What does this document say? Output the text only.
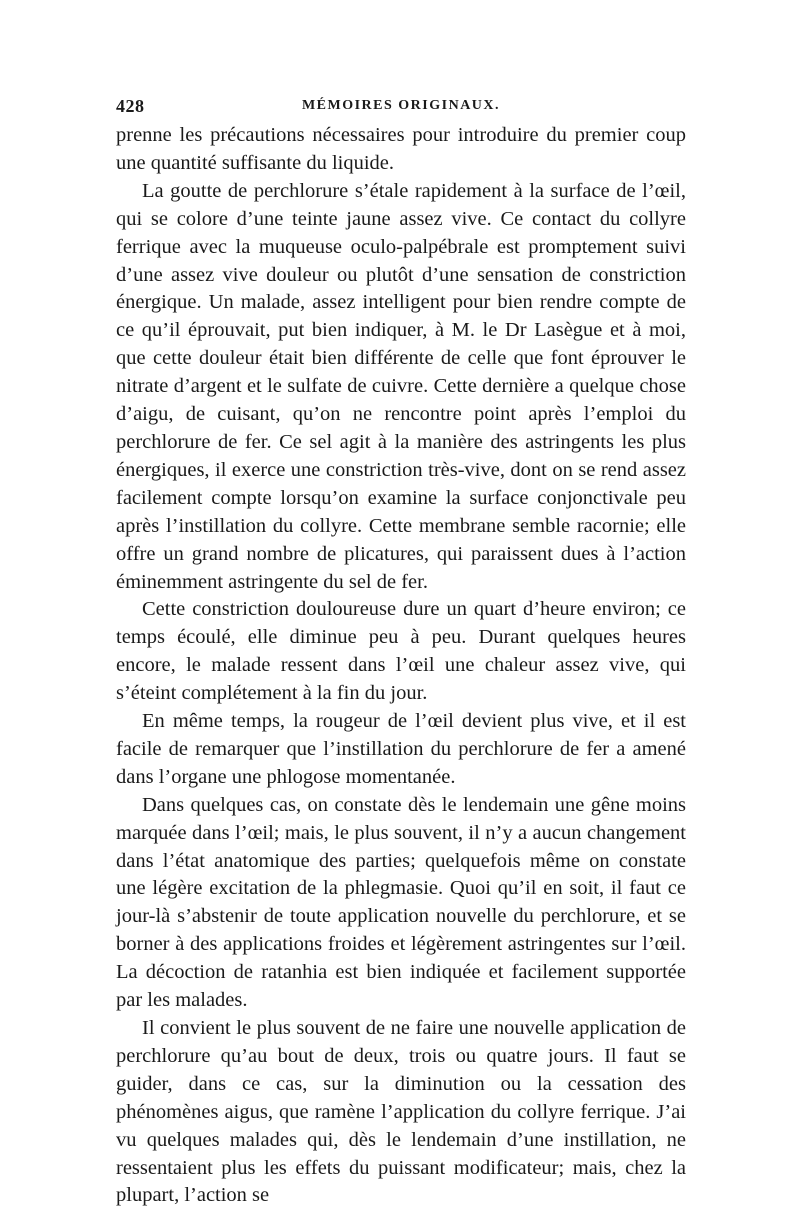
428	MÉMOIRES ORIGINAUX.

prenne les précautions nécessaires pour introduire du premier coup une quantité suffisante du liquide.

La goutte de perchlorure s’étale rapidement à la surface de l’œil, qui se colore d’une teinte jaune assez vive. Ce contact du collyre ferrique avec la muqueuse oculo-palpébrale est promptement suivi d’une assez vive douleur ou plutôt d’une sensation de constriction énergique. Un malade, assez intelligent pour bien rendre compte de ce qu’il éprouvait, put bien indiquer, à M. le Dr Lasègue et à moi, que cette douleur était bien différente de celle que font éprouver le nitrate d’argent et le sulfate de cuivre. Cette dernière a quelque chose d’aigu, de cuisant, qu’on ne rencontre point après l’emploi du perchlorure de fer. Ce sel agit à la manière des astringents les plus énergiques, il exerce une constriction très-vive, dont on se rend assez facilement compte lorsqu’on examine la surface conjonctivale peu après l’instillation du collyre. Cette membrane semble racornie; elle offre un grand nombre de plicatures, qui paraissent dues à l’action éminemment astringente du sel de fer.

Cette constriction douloureuse dure un quart d’heure environ; ce temps écoulé, elle diminue peu à peu. Durant quelques heures encore, le malade ressent dans l’œil une chaleur assez vive, qui s’éteint complétement à la fin du jour.

En même temps, la rougeur de l’œil devient plus vive, et il est facile de remarquer que l’instillation du perchlorure de fer a amené dans l’organe une phlogose momentanée.

Dans quelques cas, on constate dès le lendemain une gêne moins marquée dans l’œil; mais, le plus souvent, il n’y a aucun changement dans l’état anatomique des parties; quelquefois même on constate une légère excitation de la phlegmasie. Quoi qu’il en soit, il faut ce jour-là s’abstenir de toute application nouvelle du perchlorure, et se borner à des applications froides et légèrement astringentes sur l’œil. La décoction de ratanhia est bien indiquée et facilement supportée par les malades.

Il convient le plus souvent de ne faire une nouvelle application de perchlorure qu’au bout de deux, trois ou quatre jours. Il faut se guider, dans ce cas, sur la diminution ou la cessation des phénomènes aigus, que ramène l’application du collyre ferrique. J’ai vu quelques malades qui, dès le lendemain d’une instillation, ne ressentaient plus les effets du puissant modificateur; mais, chez la plupart, l’action se
